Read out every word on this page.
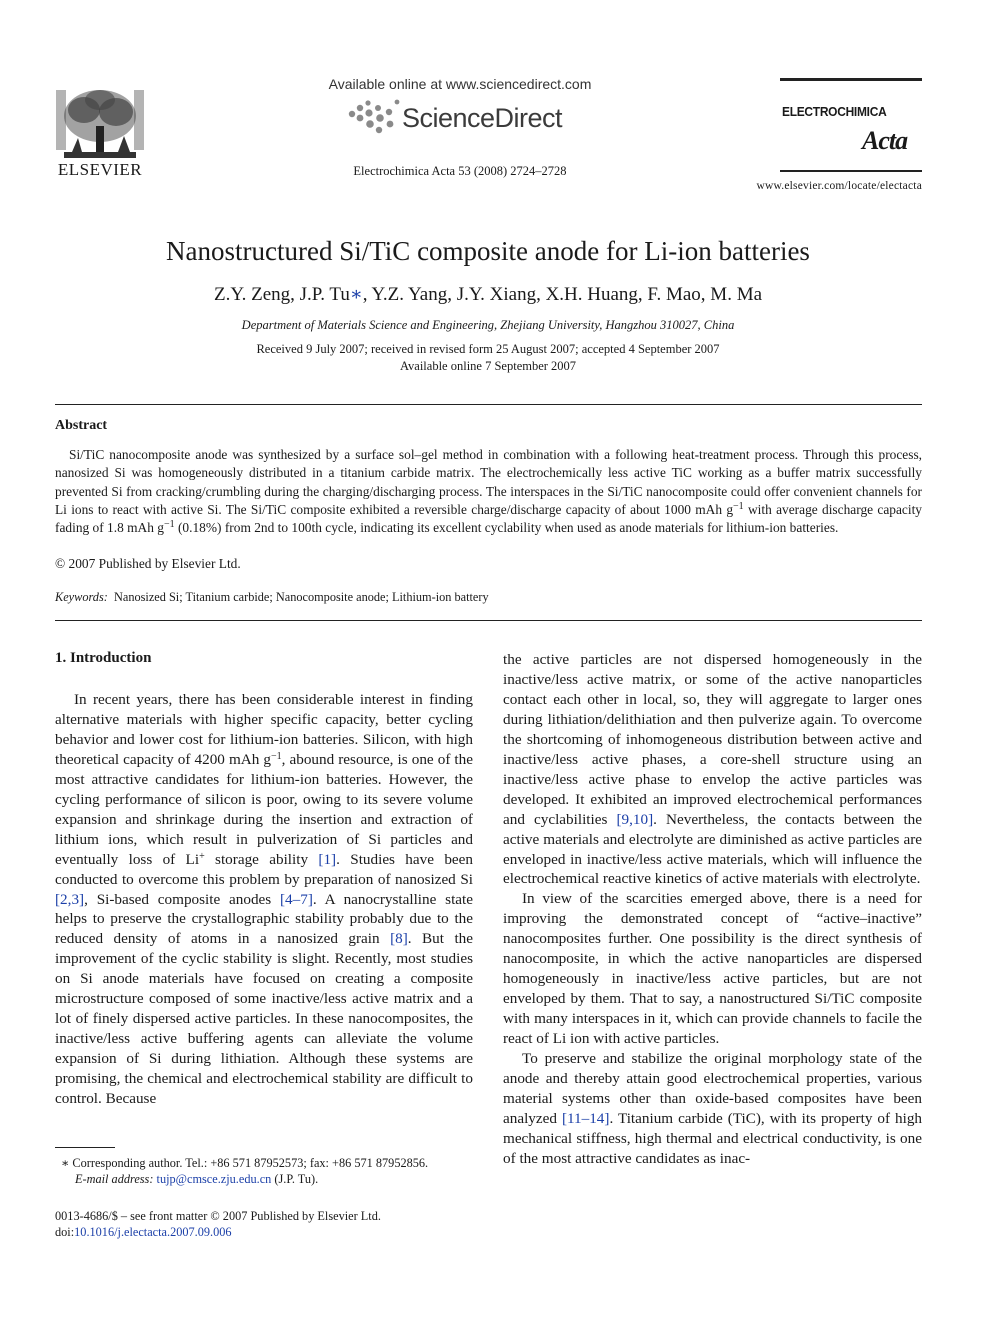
ELSEVIER
Available online at www.sciencedirect.com
ScienceDirect
Electrochimica Acta 53 (2008) 2724–2728
ELECTROCHIMICA
Acta
www.elsevier.com/locate/electacta
Nanostructured Si/TiC composite anode for Li-ion batteries
Z.Y. Zeng, J.P. Tu∗, Y.Z. Yang, J.Y. Xiang, X.H. Huang, F. Mao, M. Ma
Department of Materials Science and Engineering, Zhejiang University, Hangzhou 310027, China
Received 9 July 2007; received in revised form 25 August 2007; accepted 4 September 2007
Available online 7 September 2007
Abstract

Si/TiC nanocomposite anode was synthesized by a surface sol–gel method in combination with a following heat-treatment process. Through this process, nanosized Si was homogeneously distributed in a titanium carbide matrix. The electrochemically less active TiC working as a buffer matrix successfully prevented Si from cracking/crumbling during the charging/discharging process. The interspaces in the Si/TiC nanocomposite could offer convenient channels for Li ions to react with active Si. The Si/TiC composite exhibited a reversible charge/discharge capacity of about 1000 mAh $g^{-1}$ with average discharge capacity fading of 1.8 mAh $g^{-1}$ (0.18%) from 2nd to 100th cycle, indicating its excellent cyclability when used as anode materials for lithium-ion batteries.

© 2007 Published by Elsevier Ltd.
Keywords: Nanosized Si; Titanium carbide; Nanocomposite anode; Lithium-ion battery
1. Introduction

In recent years, there has been considerable interest in finding alternative materials with higher specific capacity, better cycling behavior and lower cost for lithium-ion batteries. Silicon, with high theoretical capacity of 4200 mAh $g^{-1}$, abound resource, is one of the most attractive candidates for lithium-ion batteries. However, the cycling performance of silicon is poor, owing to its severe volume expansion and shrinkage during the insertion and extraction of lithium ions, which result in pulverization of Si particles and eventually loss of Li+ storage ability [1]. Studies have been conducted to overcome this problem by preparation of nanosized Si [2,3], Si-based composite anodes [4–7]. A nanocrystalline state helps to preserve the crystallographic stability probably due to the reduced density of atoms in a nanosized grain [8]. But the improvement of the cyclic stability is slight. Recently, most studies on Si anode materials have focused on creating a composite microstructure composed of some inactive/less active matrix and a lot of finely dispersed active particles. In these nanocomposites, the inactive/less active buffering agents can alleviate the volume expansion of Si during lithiation. Although these systems are promising, the chemical and electrochemical stability are difficult to control. Because

the active particles are not dispersed homogeneously in the inactive/less active matrix, or some of the active nanoparticles contact each other in local, so, they will aggregate to larger ones during lithiation/delithiation and then pulverize again. To overcome the shortcoming of inhomogeneous distribution between active and inactive/less active phases, a core-shell structure using an inactive/less active phase to envelop the active particles was developed. It exhibited an improved electrochemical performances and cyclabilities [9,10]. Nevertheless, the contacts between the active materials and electrolyte are diminished as active particles are enveloped in inactive/less active materials, which will influence the electrochemical reactive kinetics of active materials with electrolyte.

In view of the scarcities emerged above, there is a need for improving the demonstrated concept of “active–inactive” nanocomposites further. One possibility is the direct synthesis of nanocomposite, in which the active nanoparticles are dispersed homogeneously in inactive/less active particles, but are not enveloped by them. That to say, a nanostructured Si/TiC composite with many interspaces in it, which can provide channels to facile the react of Li ion with active particles.

To preserve and stabilize the original morphology state of the anode and thereby attain good electrochemical properties, various material systems other than oxide-based composites have been analyzed [11–14]. Titanium carbide (TiC), with its property of high mechanical stiffness, high thermal and electrical conductivity, is one of the most attractive candidates as inac-

∗ Corresponding author. Tel.: +86 571 87952573; fax: +86 571 87952856.
E-mail address: tujp@cmsce.zju.edu.cn (J.P. Tu).
0013-4686/$ – see front matter © 2007 Published by Elsevier Ltd.
doi:10.1016/j.electacta.2007.09.006
